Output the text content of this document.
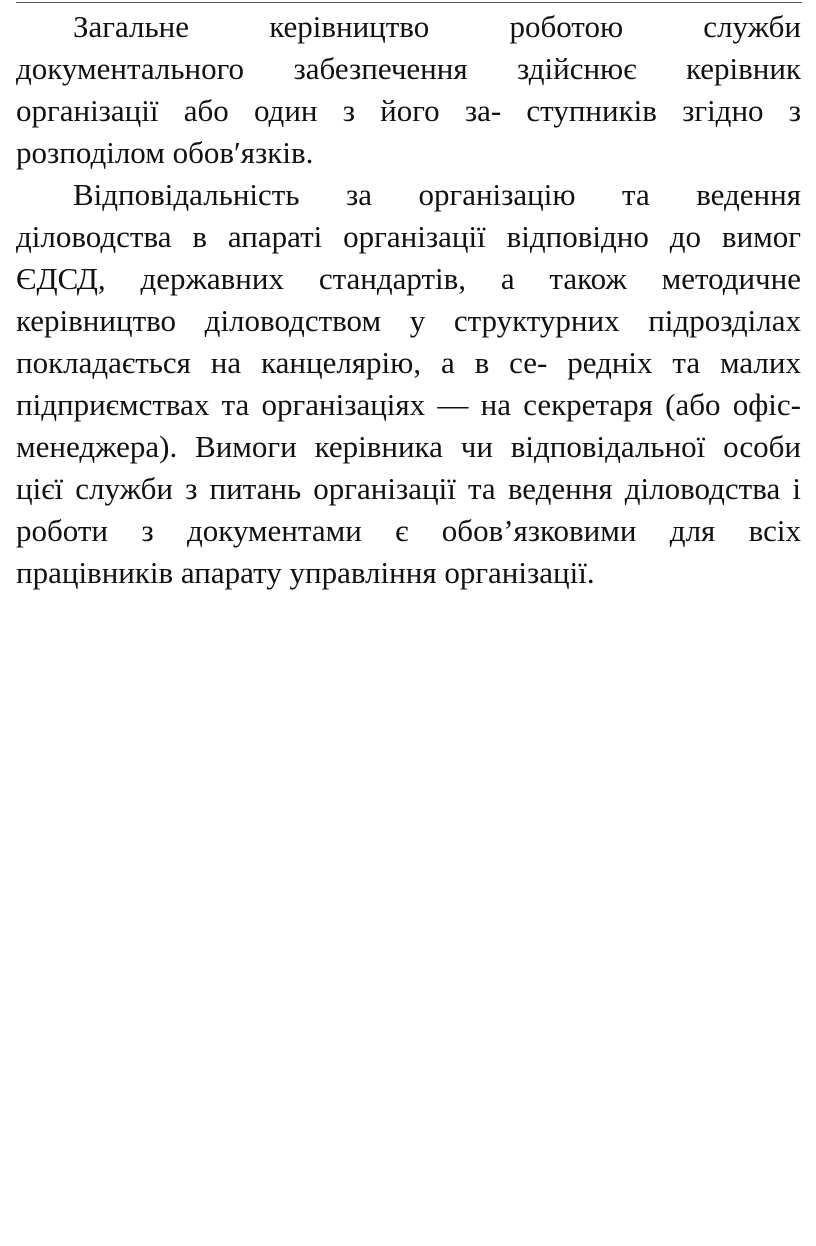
Загальне керівництво роботою служби документального забезпечення здійснює керівник організації або один з його за- ступників згідно з розподілом обов′язків.

Відповідальність за організацію та ведення діловодства в апараті організації відповідно до вимог ЄДСД, державних стандартів, а також методичне керівництво діловодством у структурних підрозділах покладається на канцелярію, а в се- редніх та малих підприємствах та організаціях — на секретаря (або офіс-менеджера). Вимоги керівника чи відповідальної особи цієї служби з питань організації та ведення діловодства і роботи з документами є обов’язковими для всіх працівників апарату управління організації.
